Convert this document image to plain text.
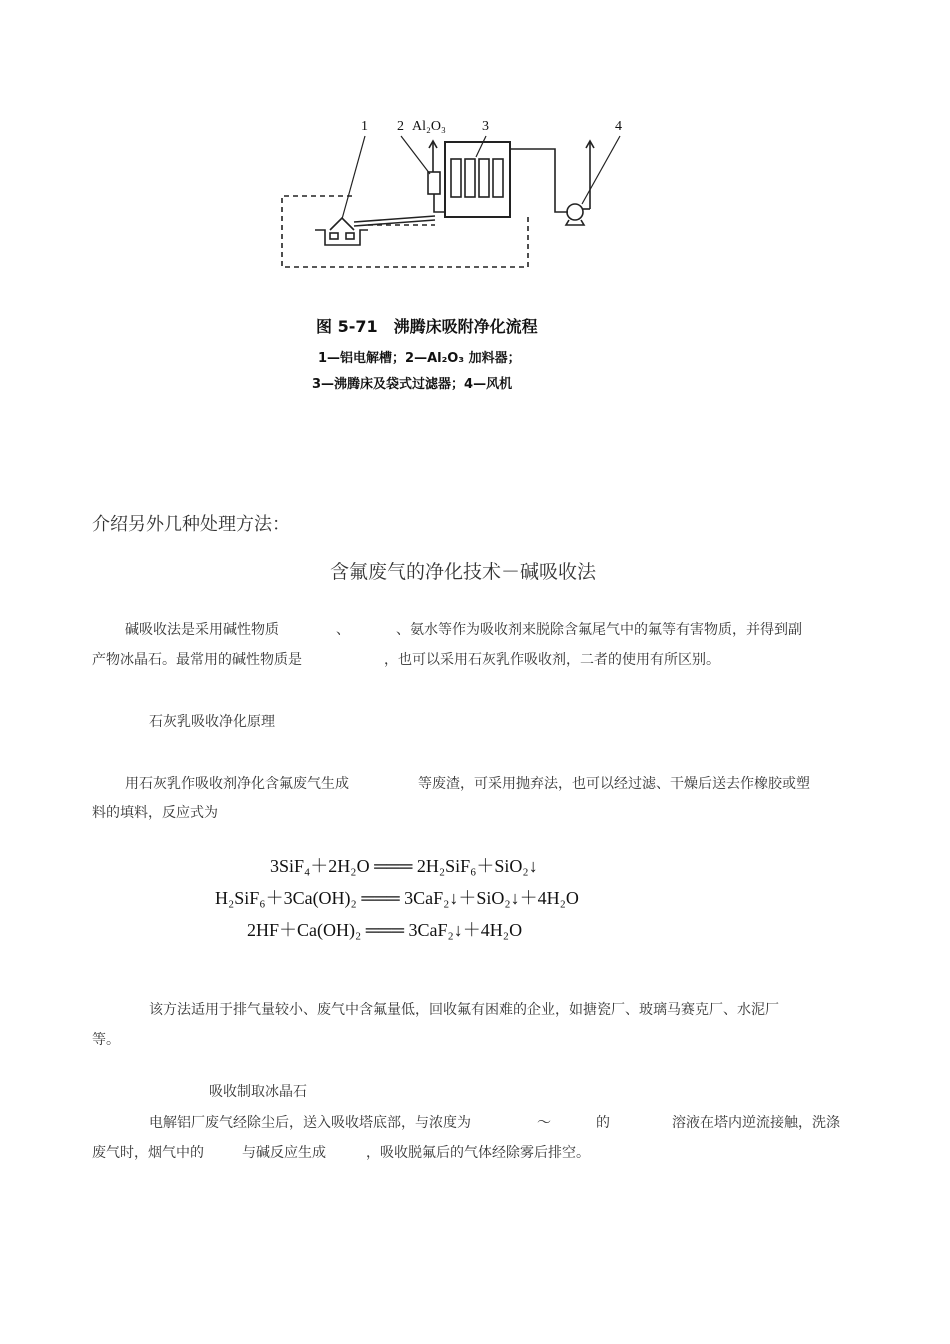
1 2 Al₂O₃	3	4
图 5-71　沸腾床吸附净化流程
1—铝电解槽；2—Al₂O₃ 加料器；
3—沸腾床及袋式过滤器；4—风机
介绍另外几种处理方法：
含氟废气的净化技术－碱吸收法
碱吸收法是采用碱性物质	、	、氨水等作为吸收剂来脱除含氟尾气中的氟等有害物质，并得到副
产物冰晶石。最常用的碱性物质是	，也可以采用石灰乳作吸收剂，二者的使用有所区别。
石灰乳吸收净化原理
用石灰乳作吸收剂净化含氟废气生成	等废渣，可采用抛弃法，也可以经过滤、干燥后送去作橡胶或塑
料的填料，反应式为
3SiF₄＋2H₂O ═══ 2H₂SiF₆＋SiO₂↓
H₂SiF₆＋3Ca(OH)₂ ═══ 3CaF₂↓＋SiO₂↓＋4H₂O
2HF＋Ca(OH)₂ ═══ 3CaF₂↓＋4H₂O
该方法适用于排气量较小、废气中含氟量低，回收氟有困难的企业，如搪瓷厂、玻璃马赛克厂、水泥厂
等。
吸收制取冰晶石
电解铝厂废气经除尘后，送入吸收塔底部，与浓度为	～	的	溶液在塔内逆流接触，洗涤
废气时，烟气中的	与碱反应生成	，吸收脱氟后的气体经除雾后排空。
